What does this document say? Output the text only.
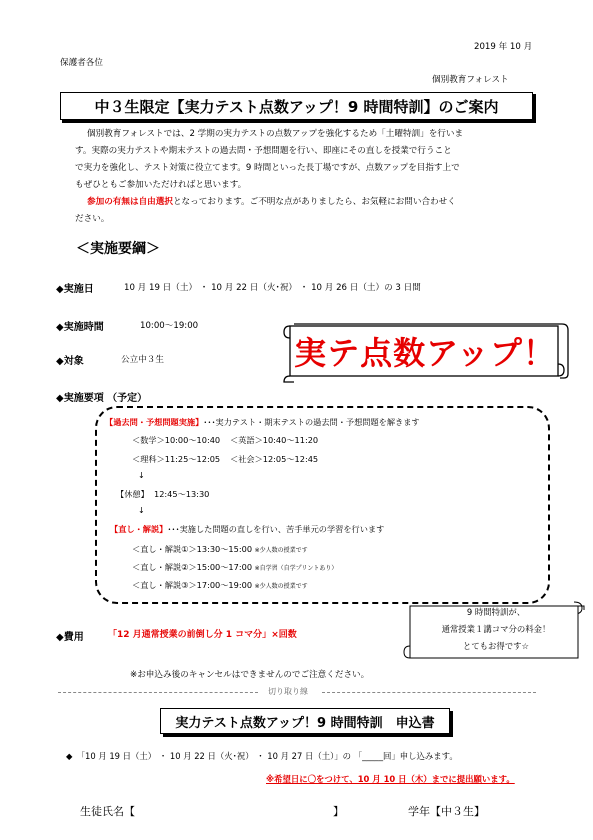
2019 年 10 月
保護者各位
個別教育フォレスト
中３生限定【実力テスト点数アップ！9 時間特訓】のご案内

個別教育フォレストでは、2 学期の実力テストの点数アップを強化するため「土曜特訓」を行いま

す。実際の実力テストや期末テストの過去問・予想問題を行い、即座にその直しを授業で行うこと

で実力を強化し、テスト対策に役立てます。9 時間といった長丁場ですが、点数アップを目指す上で

もぜひともご参加いただければと思います。

参加の有無は自由選択となっております。ご不明な点がありましたら、お気軽にお問い合わせく

ださい。

＜実施要綱＞
◆実施日	10 月 19 日（土） ・ 10 月 22 日（火･祝） ・ 10 月 26 日（土）の 3 日間
◆実施時間	10:00～19:00
◆対象	公立中３生	実テ点数アップ！
◆実施要項 （予定）
【過去問・予想問題実施】･･･実力テスト・期末テストの過去問・予想問題を解きます
＜数学＞10:00～10:40 ＜英語＞10:40～11:20
＜理科＞11:25～12:05 ＜社会＞12:05～12:45
↓
【休憩】 12:45～13:30
↓
【直し・解説】･･･実施した問題の直しを行い、苦手単元の学習を行います
＜直し・解説①＞13:30～15:00 ※少人数の授業です
＜直し・解説②＞15:00～17:00 ※自学習（自学プリントあり）
＜直し・解説③＞17:00～19:00 ※少人数の授業です
◆費用	「12 月通常授業の前倒し分 1 コマ分」×回数
9 時間特訓が、
通常授業１講コマ分の料金！
とてもお得です☆
※お申込み後のキャンセルはできませんのでご注意ください。
切り取り線
実力テスト点数アップ！9 時間特訓　申込書
◆　「10 月 19 日（土） ・ 10 月 22 日（火･祝） ・ 10 月 27 日（土）」の 「_____回」申し込みます。
※希望日に〇をつけて、10 月 10 日（木）までに提出願います。
生徒氏名【　　　　　　　　　　　　　　　　　　】	学年【中３生】
